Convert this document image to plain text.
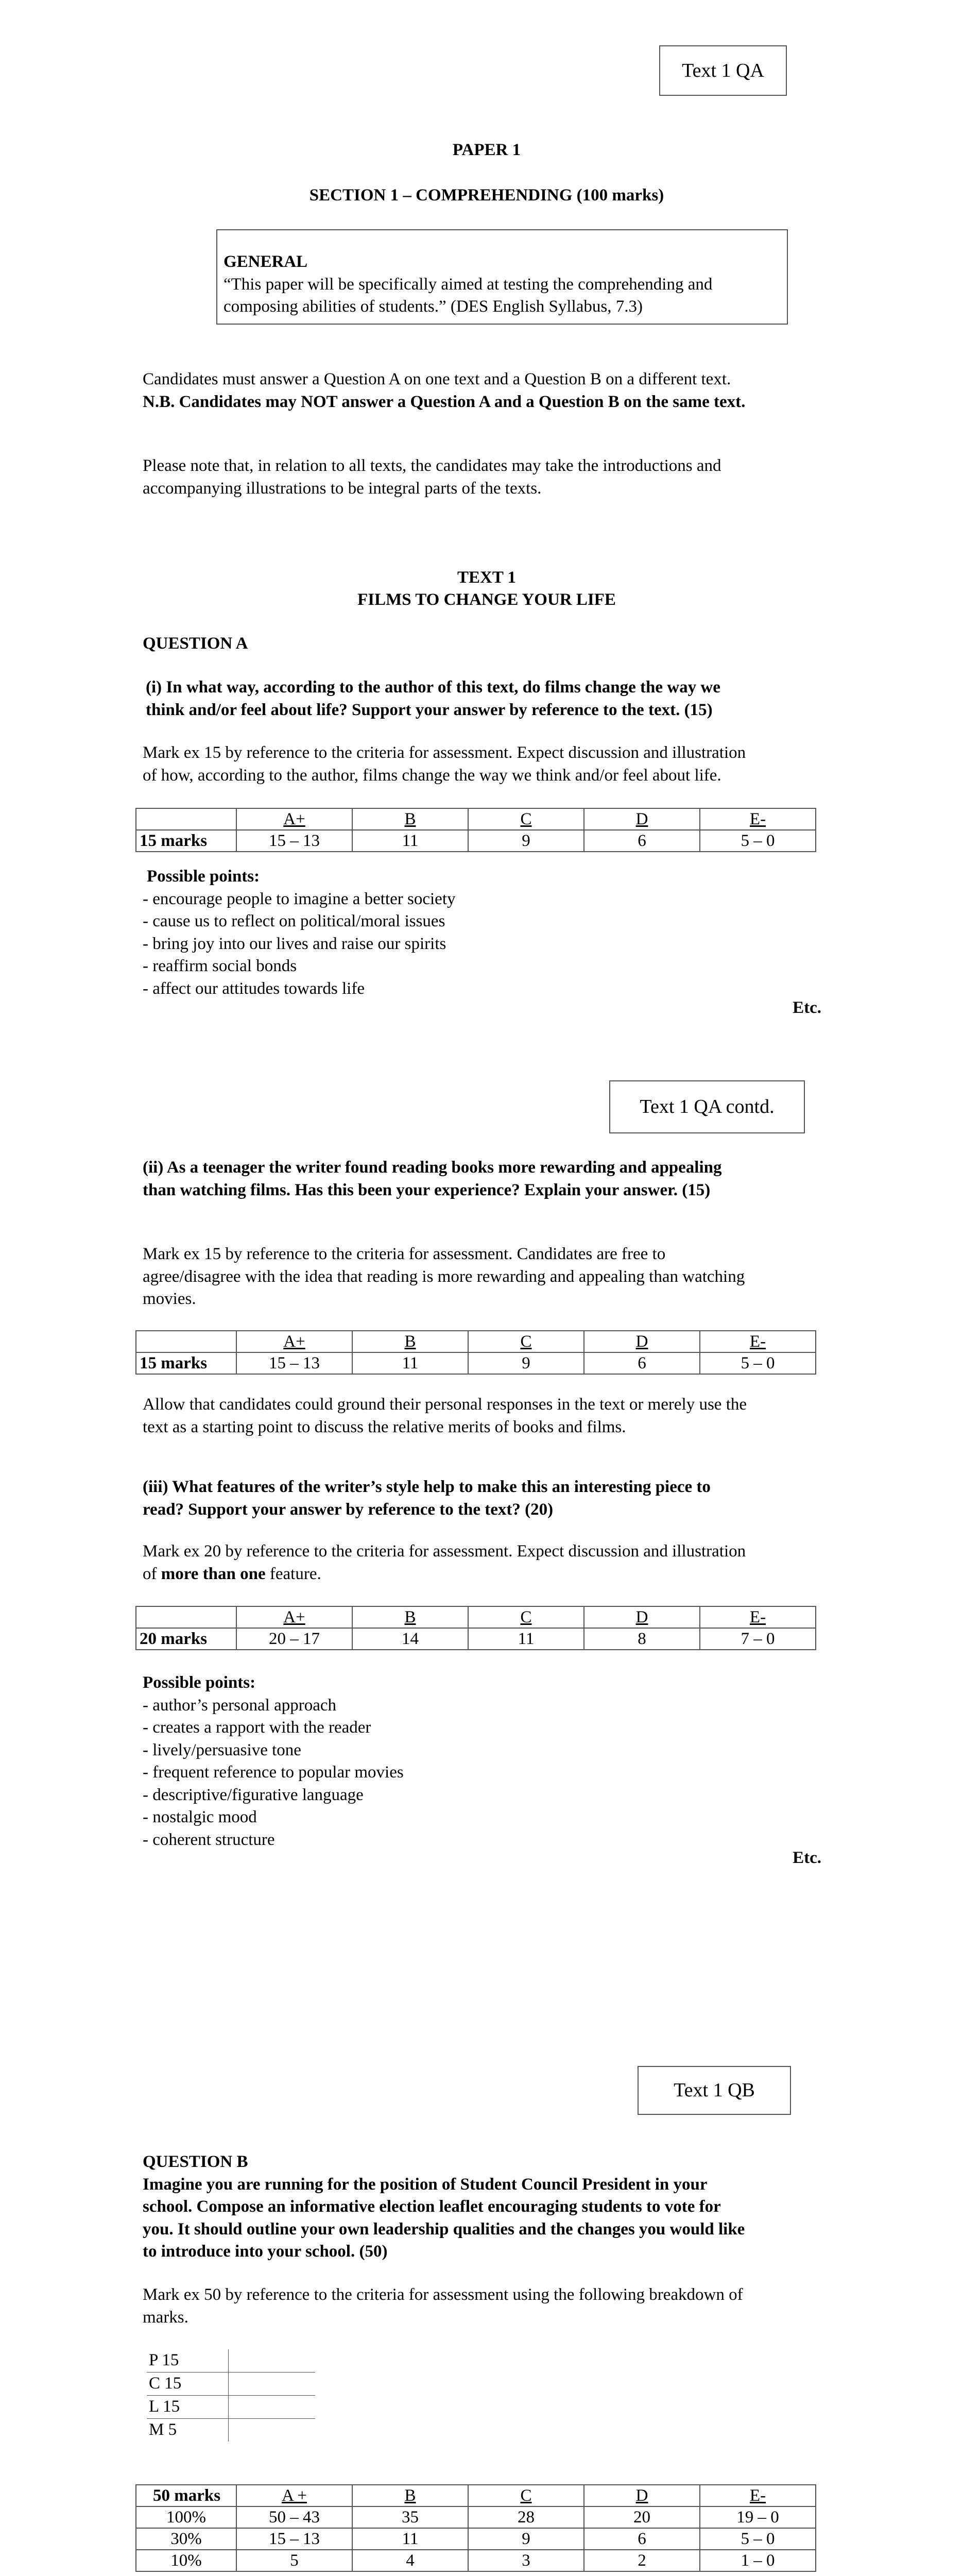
Text 1 QA
PAPER 1
SECTION 1 – COMPREHENDING (100 marks)
GENERAL
“This paper will be specifically aimed at testing the comprehending and
composing abilities of students.” (DES English Syllabus, 7.3)
Candidates must answer a Question A on one text and a Question B on a different text.
N.B. Candidates may NOT answer a Question A and a Question B on the same text.
Please note that, in relation to all texts, the candidates may take the introductions and
accompanying illustrations to be integral parts of the texts.
TEXT 1
FILMS TO CHANGE YOUR LIFE
QUESTION A
(i) In what way, according to the author of this text, do films change the way we
think and/or feel about life? Support your answer by reference to the text. (15)
Mark ex 15 by reference to the criteria for assessment. Expect discussion and illustration
of how, according to the author, films change the way we think and/or feel about life.
	A+	B	C	D	E-
15 marks	15 – 13	11	9	6	5 – 0
Possible points:
- encourage people to imagine a better society
- cause us to reflect on political/moral issues
- bring joy into our lives and raise our spirits
- reaffirm social bonds
- affect our attitudes towards life
Etc.
Text 1 QA contd.
(ii) As a teenager the writer found reading books more rewarding and appealing
than watching films. Has this been your experience? Explain your answer. (15)
Mark ex 15 by reference to the criteria for assessment. Candidates are free to
agree/disagree with the idea that reading is more rewarding and appealing than watching
movies.
	A+	B	C	D	E-
15 marks	15 – 13	11	9	6	5 – 0
Allow that candidates could ground their personal responses in the text or merely use the
text as a starting point to discuss the relative merits of books and films.
(iii) What features of the writer’s style help to make this an interesting piece to
read? Support your answer by reference to the text? (20)
Mark ex 20 by reference to the criteria for assessment. Expect discussion and illustration
of more than one feature.
	A+	B	C	D	E-
20 marks	20 – 17	14	11	8	7 – 0
Possible points:
- author’s personal approach
- creates a rapport with the reader
- lively/persuasive tone
- frequent reference to popular movies
- descriptive/figurative language
- nostalgic mood
- coherent structure
Etc.
Text 1 QB
QUESTION B
Imagine you are running for the position of Student Council President in your
school. Compose an informative election leaflet encouraging students to vote for
you. It should outline your own leadership qualities and the changes you would like
to introduce into your school. (50)
Mark ex 50 by reference to the criteria for assessment using the following breakdown of
marks.
P 15	
C 15	
L 15	
M 5	
50 marks	A +	B	C	D	E-
100%	50 – 43	35	28	20	19 – 0
30%	15 – 13	11	9	6	5 – 0
10%	5	4	3	2	1 – 0
